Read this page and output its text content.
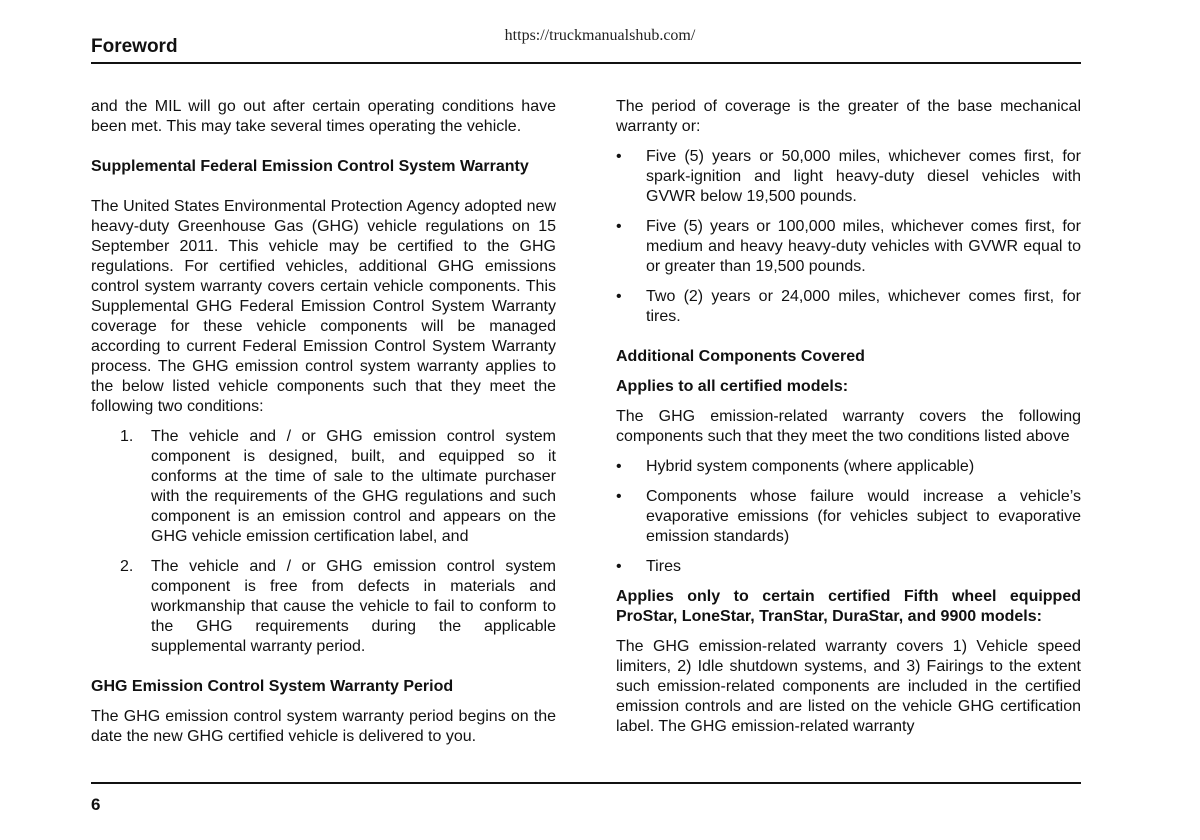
https://truckmanualshub.com/
Foreword

and the MIL will go out after certain operating conditions have been met. This may take several times operating the vehicle.

Supplemental Federal Emission Control System Warranty

The United States Environmental Protection Agency adopted new heavy-duty Greenhouse Gas (GHG) vehicle regulations on 15 September 2011. This vehicle may be certified to the GHG regulations. For certified vehicles, additional GHG emissions control system warranty covers certain vehicle components. This Supplemental GHG Federal Emission Control System Warranty coverage for these vehicle components will be managed according to current Federal Emission Control System Warranty process. The GHG emission control system warranty applies to the below listed vehicle components such that they meet the following two conditions:

1. The vehicle and / or GHG emission control system component is designed, built, and equipped so it conforms at the time of sale to the ultimate purchaser with the requirements of the GHG regulations and such component is an emission control and appears on the GHG vehicle emission certification label, and
2. The vehicle and / or GHG emission control system component is free from defects in materials and workmanship that cause the vehicle to fail to conform to the GHG requirements during the applicable supplemental warranty period.
GHG Emission Control System Warranty Period

The GHG emission control system warranty period begins on the date the new GHG certified vehicle is delivered to you.

The period of coverage is the greater of the base mechanical warranty or:

• Five (5) years or 50,000 miles, whichever comes first, for spark-ignition and light heavy-duty diesel vehicles with GVWR below 19,500 pounds.
• Five (5) years or 100,000 miles, whichever comes first, for medium and heavy heavy-duty vehicles with GVWR equal to or greater than 19,500 pounds.
• Two (2) years or 24,000 miles, whichever comes first, for tires.
Additional Components Covered

Applies to all certified models:

The GHG emission-related warranty covers the following components such that they meet the two conditions listed above

• Hybrid system components (where applicable)
• Components whose failure would increase a vehicle’s evaporative emissions (for vehicles subject to evaporative emission standards)
• Tires

Applies only to certain certified Fifth wheel equipped ProStar, LoneStar, TranStar, DuraStar, and 9900 models:

The GHG emission-related warranty covers 1) Vehicle speed limiters, 2) Idle shutdown systems, and 3) Fairings to the extent such emission-related components are included in the certified emission controls and are listed on the vehicle GHG certification label. The GHG emission-related warranty

6
